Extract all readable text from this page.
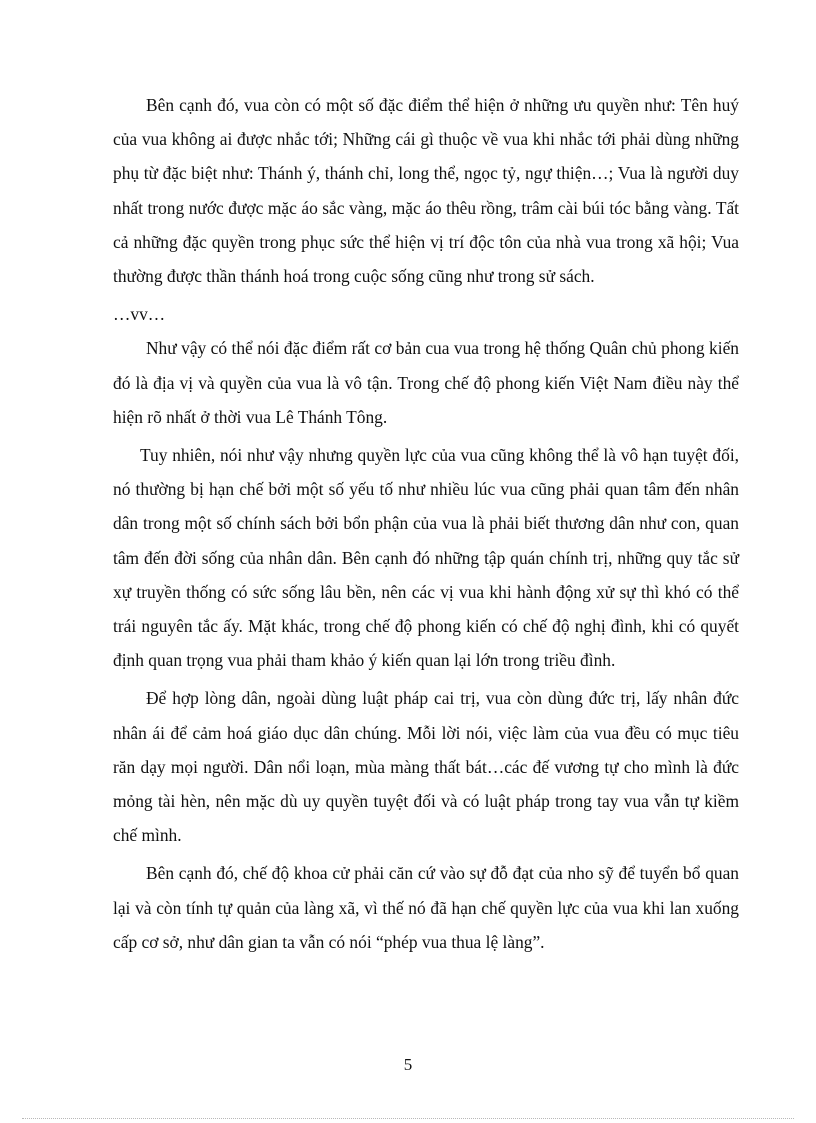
Bên cạnh đó, vua còn có một số đặc điểm thể hiện ở những ưu quyền như: Tên huý của vua không ai được nhắc tới; Những cái gì thuộc về vua khi nhắc tới phải dùng những phụ từ đặc biệt như: Thánh ý, thánh chỉ, long thể, ngọc tỷ, ngự thiện…; Vua là người duy nhất trong nước được mặc áo sắc vàng, mặc áo thêu rồng, trâm cài búi tóc bằng vàng. Tất cả những đặc quyền trong phục sức thể hiện vị trí độc tôn của nhà vua trong xã hội; Vua thường được thần thánh hoá trong cuộc sống cũng như trong sử sách.

…vv…

Như vậy có thể nói đặc điểm rất cơ bản cua vua trong hệ thống Quân chủ phong kiến đó là địa vị và quyền của vua là vô tận. Trong chế độ phong kiến Việt Nam điều này thể hiện rõ nhất ở thời vua Lê Thánh Tông.

Tuy nhiên, nói như vậy nhưng quyền lực của vua cũng không thể là vô hạn tuyệt đối, nó thường bị hạn chế bởi một số yếu tố như nhiều lúc vua cũng phải quan tâm đến nhân dân trong một số chính sách bởi bổn phận của vua là phải biết thương dân như con, quan tâm đến đời sống của nhân dân. Bên cạnh đó những tập quán chính trị, những quy tắc sử xự truyền thống có sức sống lâu bền, nên các vị vua khi hành động xử sự thì khó có thể trái nguyên tắc ấy. Mặt khác, trong chế độ phong kiến có chế độ nghị đình, khi có quyết định quan trọng vua phải tham khảo ý kiến quan lại lớn trong triều đình.

Để hợp lòng dân, ngoài dùng luật pháp cai trị, vua còn dùng đức trị, lấy nhân đức nhân ái để cảm hoá giáo dục dân chúng. Mỗi lời nói, việc làm của vua đều có mục tiêu răn dạy mọi người. Dân nổi loạn, mùa màng thất bát…các đế vương tự cho mình là đức mỏng tài hèn, nên mặc dù uy quyền tuyệt đối và có luật pháp trong tay vua vẫn tự kiềm chế mình.

Bên cạnh đó, chế độ khoa cử phải căn cứ vào sự đỗ đạt của nho sỹ để tuyển bổ quan lại và còn tính tự quản của làng xã, vì thế nó đã hạn chế quyền lực của vua khi lan xuống cấp cơ sở, như dân gian ta vẫn có nói “phép vua thua lệ làng”.

5
